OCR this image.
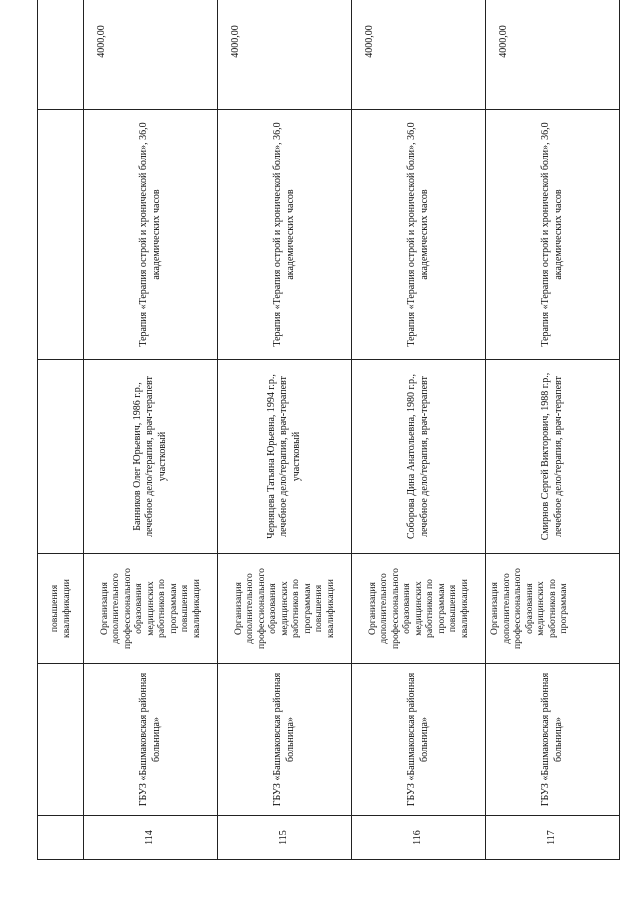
		повышения квалификации			
114	ГБУЗ «Башмаковская районная больница»	Организация дополнительного профессионального образования медицинских работников по программам повышения квалификации	Банников Олег Юрьевич, 1986 г.р., лечебное дело/терапия, врач-терапевт участковый	Терапия «Терапия острой и хронической боли», 36,0 академических часов	4000,00
115	ГБУЗ «Башмаковская районная больница»	Организация дополнительного профессионального образования медицинских работников по программам повышения квалификации	Черняцева Татьяна Юрьевна, 1994 г.р., лечебное дело/терапия, врач-терапевт участковый	Терапия «Терапия острой и хронической боли», 36,0 академических часов	4000,00
116	ГБУЗ «Башмаковская районная больница»	Организация дополнительного профессионального образования медицинских работников по программам повышения квалификации	Соборова Дина Анатольевна, 1980 г.р., лечебное дело/терапия, врач-терапевт	Терапия «Терапия острой и хронической боли», 36,0 академических часов	4000,00
117	ГБУЗ «Башмаковская районная больница»	Организация дополнительного профессионального образования медицинских работников по программам	Смирнов Сергей Викторович, 1988 г.р., лечебное дело/терапия, врач-терапевт	Терапия «Терапия острой и хронической боли», 36,0 академических часов	4000,00
